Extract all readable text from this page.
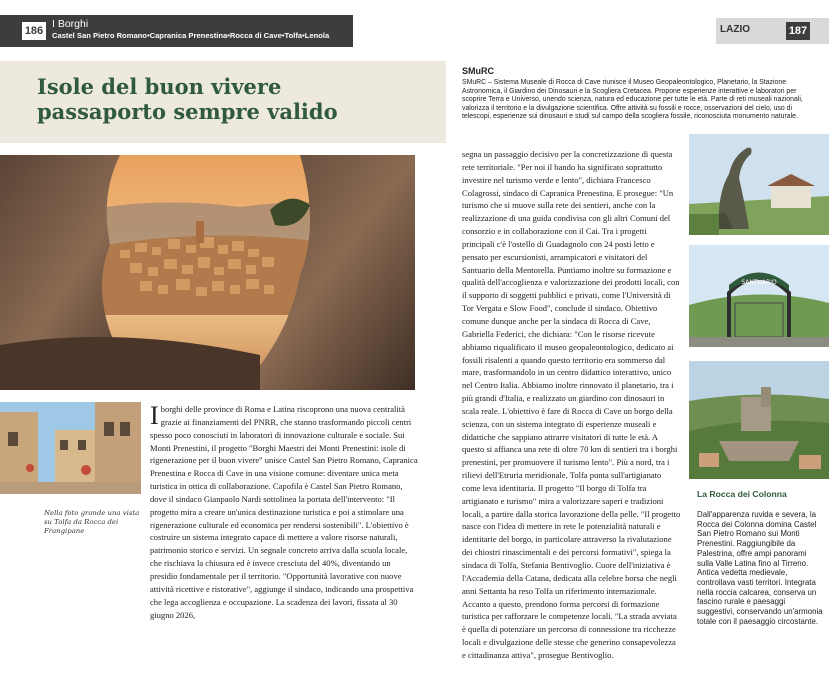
186
I Borghi
Castel San Pietro Romano•Capranica Prenestina•Rocca di Cave•Tolfa•Lenola
LAZIO	187
Isole del buon vivere
passaporto sempre valido
SMuRC
SMuRC – Sistema Museale di Rocca di Cave riunisce il Museo Geopaleontologico, Planetario, la Stazione Astronomica, il Giardino dei Dinosauri e la Scogliera Cretacea. Propone esperienze interattive e laboratori per scoprire Terra e Universo, unendo scienza, natura ed educazione per tutte le età. Parte di reti museali nazionali, valorizza il territorio e la divulgazione scientifica. Offre attività su fossili e rocce, osservazioni del cielo, uso di telescopi, esperienze sui dinosauri e studi sul campo della scogliera fossile, riconosciuta monumento naturale.
Nella foto grande una vista su Tolfa da Rocca dei Frangipane
I borghi delle province di Roma e Latina riscoprono una nuova centralità grazie ai finanziamenti del PNRR, che stanno trasformando piccoli centri spesso poco conosciuti in laboratori di innovazione culturale e sociale. Sui Monti Prenestini, il progetto "Borghi Maestri dei Monti Prenestini: isole di rigenerazione per il buon vivere" unisce Castel San Pietro Romano, Capranica Prenestina e Rocca di Cave in una visione comune: diventare unica meta turistica in ottica di collaborazione. Capofila è Castel San Pietro Romano, dove il sindaco Gianpaolo Nardi sottolinea la portata dell'intervento: "Il progetto mira a creare un'unica destinazione turistica e poi a stimolare una rigenerazione culturale ed economica per rendersi sostenibili". L'obiettivo è costruire un sistema integrato capace di mettere a valore risorse naturali, patrimonio storico e servizi. Un segnale concreto arriva dalla scuola locale, che rischiava la chiusura ed è invece cresciuta del 40%, diventando un presidio fondamentale per il territorio. "Opportunità lavorative con nuove attività ricettive e ristorative", aggiunge il sindaco, indicando una prospettiva che lega accoglienza e occupazione. La scadenza dei lavori, fissata al 30 giugno 2026,
segna un passaggio decisivo per la concretizzazione di questa rete territoriale. "Per noi il bando ha significato soprattutto investire nel turismo verde e lento", dichiara Francesco Colagrossi, sindaco di Capranica Prenestina. E prosegue: "Un turismo che si muove sulla rete dei sentieri, anche con la realizzazione di una guida condivisa con gli altri Comuni del consorzio e in collaborazione con il Cai. Tra i progetti principali c'è l'ostello di Guadagnolo con 24 posti letto e pensato per escursionisti, arrampicatori e visitatori del Santuario della Mentorella. Puntiamo inoltre su formazione e qualità dell'accoglienza e valorizzazione dei prodotti locali, con il supporto di soggetti pubblici e privati, come l'Università di Tor Vergata e Slow Food", conclude il sindaco. Obiettivo comune dunque anche per la sindaca di Rocca di Cave, Gabriella Federici, che dichiara: "Con le risorse ricevute abbiamo riqualificato il museo geopaleontologico, dedicato ai fossili risalenti a quando questo territorio era sommerso dal mare, trasformandolo in un centro didattico interattivo, unico nel Centro Italia. Abbiamo inoltre rinnovato il planetario, tra i più grandi d'Italia, e realizzato un giardino con dinosauri in scala reale. L'obiettivo è fare di Rocca di Cave un borgo della scienza, con un sistema integrato di esperienze museali e didattiche che sappiano attrarre visitatori di tutte le età. A questo si affianca una rete di oltre 70 km di sentieri tra i borghi prenestini, per promuovere il turismo lento". Più a nord, tra i rilievi dell'Etruria meridionale, Tolfa punta sull'artigianato come leva identitaria. Il progetto "Il borgo di Tolfa tra artigianato e turismo" mira a valorizzare saperi e tradizioni locali, a partire dalla storica lavorazione della pelle. "Il progetto nasce con l'idea di mettere in rete le potenzialità naturali e identitarie del borgo, in particolare attraverso la rivalutazione dei chiostri rinascimentali e dei percorsi formativi", spiega la sindaca di Tolfa, Stefania Bentivoglio. Cuore dell'iniziativa è l'Accademia della Catana, dedicata alla celebre borsa che negli anni Settanta ha reso Tolfa un riferimento internazionale. Accanto a questo, prendono forma percorsi di formazione turistica per rafforzare le competenze locali. "La strada avviata è quella di potenziare un percorso di connessione tra ricchezze locali e divulgazione delle stesse che generino consapevolezza e cittadinanza attiva", prosegue Bentivoglio.
SANTUARIO
La Rocca dei Colonna
Dall'apparenza ruvida e severa, la Rocca dei Colonna domina Castel San Pietro Romano sui Monti Prenestini. Raggiungibile da Palestrina, offre ampi panorami sulla Valle Latina fino al Tirreno. Antica vedetta medievale, controllava vasti territori. Integrata nella roccia calcarea, conserva un fascino rurale e paesaggi suggestivi, conservando un'armonia totale con il paesaggio circostante.
